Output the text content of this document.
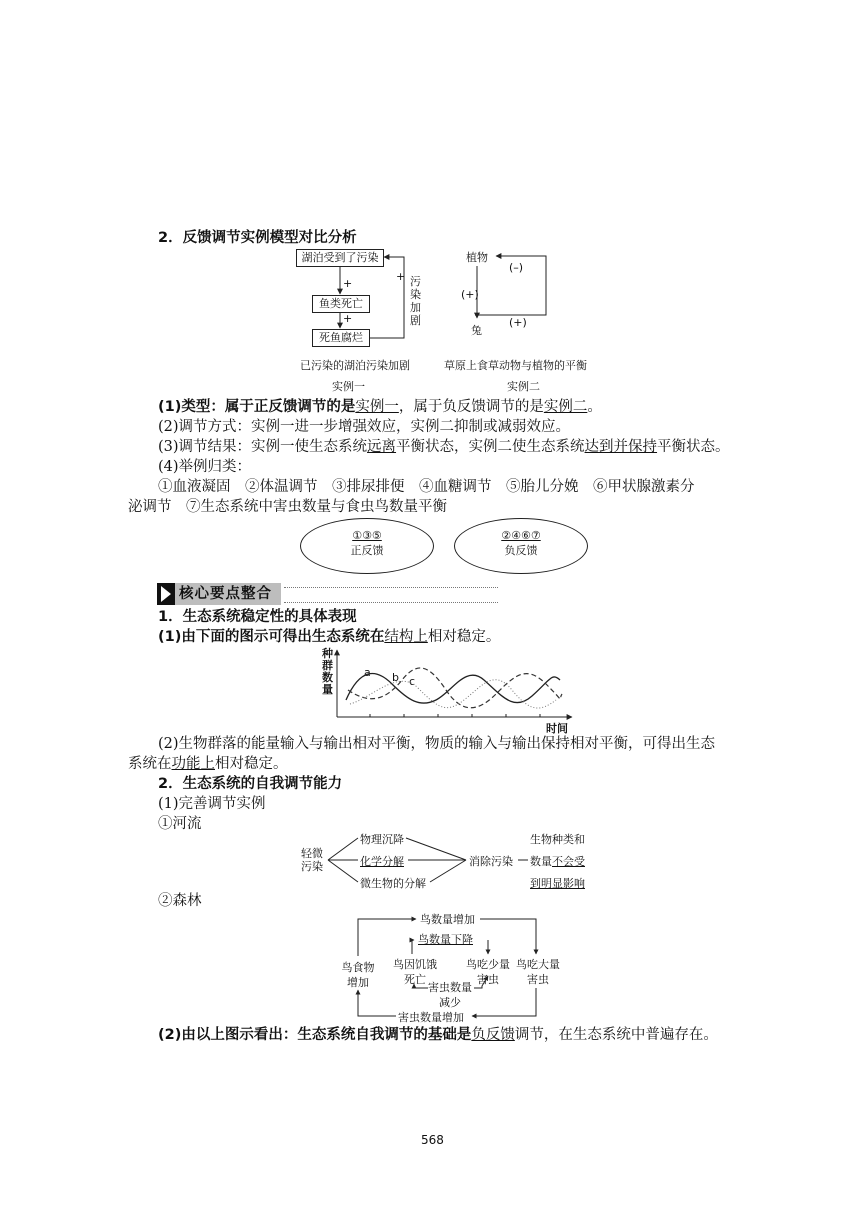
2．反馈调节实例模型对比分析
湖泊受到了污染
鱼类死亡
死鱼腐烂
+
+
+ 污染加剧
已污染的湖泊污染加剧
实例一
植物
(–)
(+)
兔
(+)
草原上食草动物与植物的平衡
实例二
(1)类型：属于正反馈调节的是实例一，属于负反馈调节的是实例二。
(2)调节方式：实例一进一步增强效应，实例二抑制或减弱效应。
(3)调节结果：实例一使生态系统远离平衡状态，实例二使生态系统达到并保持平衡状态。
(4)举例归类：
①血液凝固　②体温调节　③排尿排便　④血糖调节　⑤胎儿分娩　⑥甲状腺激素分
泌调节　⑦生态系统中害虫数量与食虫鸟数量平衡
①③⑤
正反馈
②④⑥⑦
负反馈
核心要点整合
1．生态系统稳定性的具体表现
(1)由下面的图示可得出生态系统在结构上相对稳定。
种群数量
时间
a b c
(2)生物群落的能量输入与输出相对平衡，物质的输入与输出保持相对平衡，可得出生态
系统在功能上相对稳定。
2．生态系统的自我调节能力
(1)完善调节实例
①河流
轻微
污染
物理沉降
化学分解
微生物的分解
消除污染
生物种类和
数量不会受
到明显影响
②森林
鸟数量增加
鸟数量下降
鸟食物增加
鸟因饥饿死亡
鸟吃少量害虫
鸟吃大量害虫
害虫数量减少
害虫数量增加
(2)由以上图示看出：生态系统自我调节的基础是负反馈调节，在生态系统中普遍存在。
568
